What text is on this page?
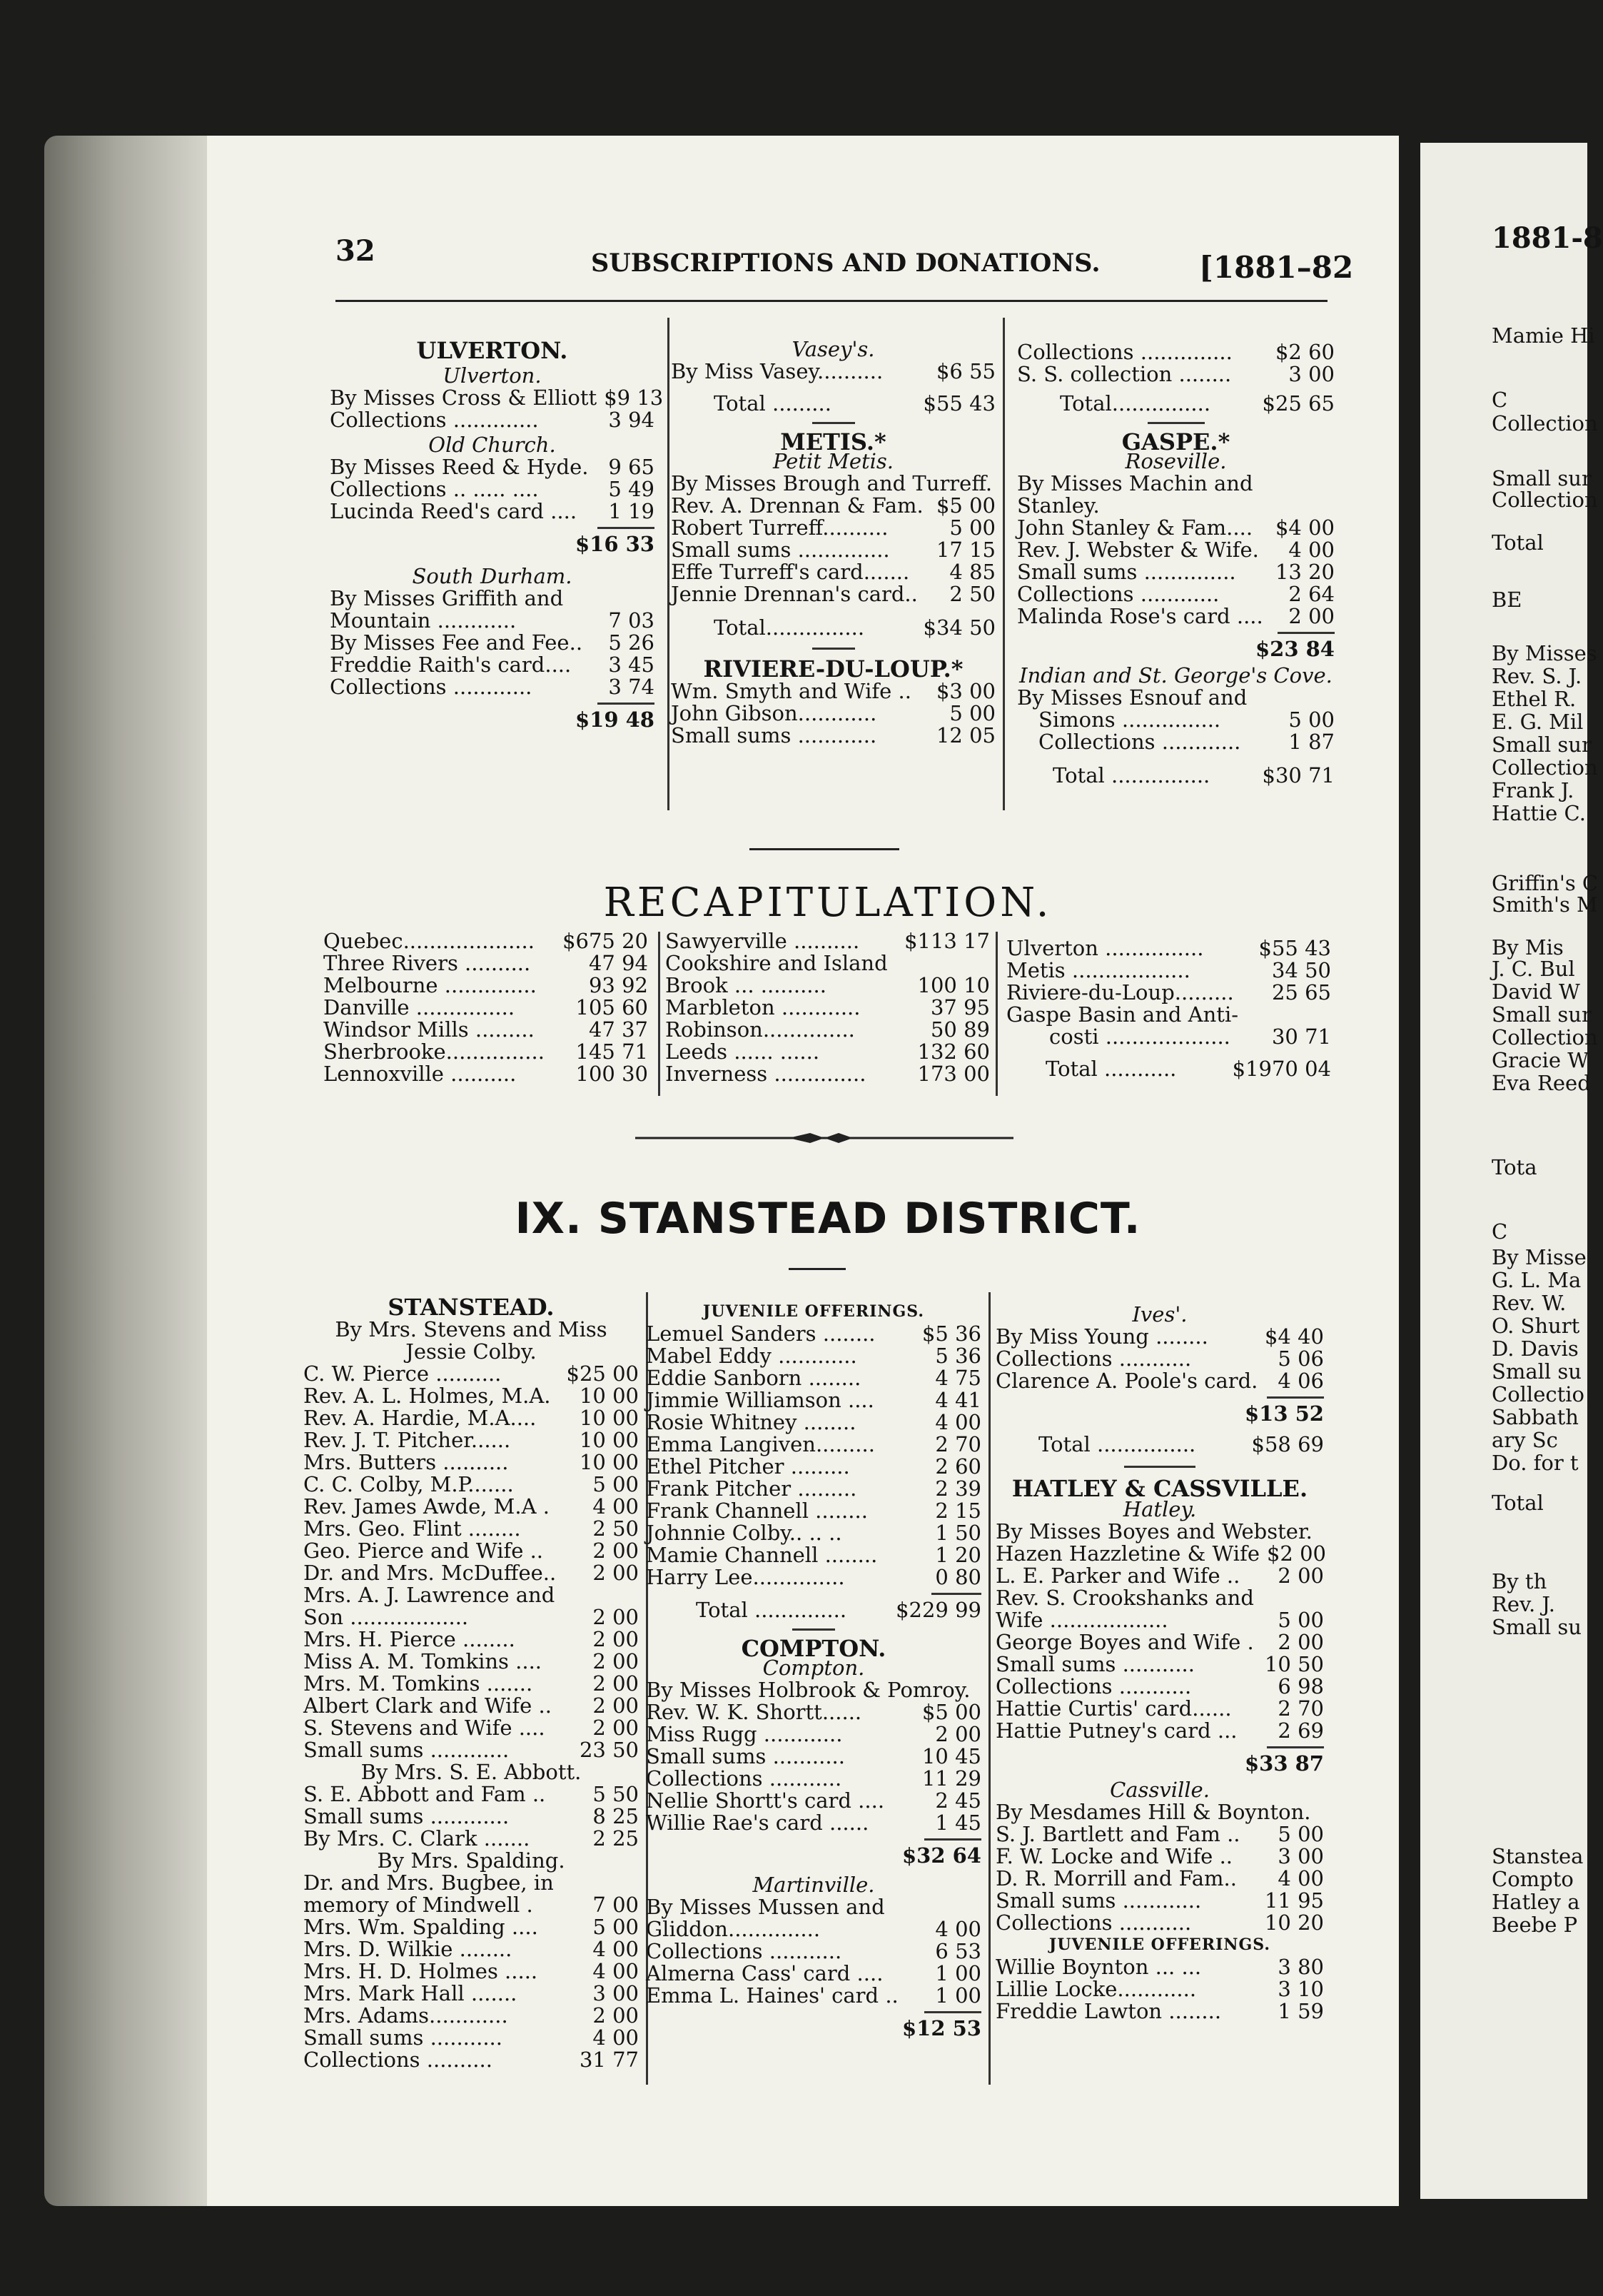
32	SUBSCRIPTIONS AND DONATIONS.	[1881–82
ULVERTON.
Ulverton.
By Misses Cross & Elliott $9 13
Collections .............	3 94
Old Church.
By Misses Reed & Hyde. 9 65
Collections .. ..... ....	5 49
Lucinda Reed's card .... 1 19
$16 33
South Durham.
By Misses Griffith and
Mountain ............	7 03
By Misses Fee and Fee.. 5 26
Freddie Raith's card.... 3 45
Collections ............	3 74
$19 48
Vasey's.
By Miss Vasey..........	$6 55
Total .........	$55 43
METIS.*
Petit Metis.
By Misses Brough and Turreff.
Rev. A. Drennan & Fam. $5 00
Robert Turreff..........	5 00
Small sums .............. 17 15
Effe Turreff's card....... 4 85
Jennie Drennan's card.. 2 50
Total...............	$34 50
RIVIERE-DU-LOUP.*
Wm. Smyth and Wife .. $3 00
John Gibson............	5 00
Small sums ............	12 05
Collections .............. $2 60
S. S. collection ........	3 00
Total............... $25 65
GASPE.*
Roseville.
By Misses Machin and Stanley.
John Stanley & Fam.... $4 00
Rev. J. Webster & Wife. 4 00
Small sums .............. 13 20
Collections ............	2 64
Malinda Rose's card .... 2 00
$23 84
Indian and St. George's Cove.
By Misses Esnouf and
Simons ...............	5 00
Collections ............ 1 87
Total ...............	$30 71
RECAPITULATION.
Quebec.................... $675 20
Three Rivers ..........	47 94
Melbourne ..............	93 92
Danville ...............	105 60
Windsor Mills .........	47 37
Sherbrooke............... 145 71
Lennoxville ..........	100 30
Sawyerville .......... $113 17
Cookshire and Island
Brook ... ..........	100 10
Marbleton ............	37 95
Robinson..............	50 89
Leeds ...... ......	132 60
Inverness .............. 173 00
Ulverton ...............	$55 43
Metis ..................	34 50
Riviere-du-Loup......... 25 65
Gaspe Basin and Anti-
costi ................... 30 71
Total ...........	$1970 04
IX. STANSTEAD DISTRICT.
STANSTEAD.
By Mrs. Stevens and Miss Jessie Colby.
C. W. Pierce ..........	$25 00
Rev. A. L. Holmes, M.A. 10 00
Rev. A. Hardie, M.A.... 10 00
Rev. J. T. Pitcher......	10 00
Mrs. Butters ..........	10 00
C. C. Colby, M.P.......	5 00
Rev. James Awde, M.A . 4 00
Mrs. Geo. Flint ........	2 50
Geo. Pierce and Wife .. 2 00
Dr. and Mrs. McDuffee.. 2 00
Mrs. A. J. Lawrence and
Son ..................	2 00
Mrs. H. Pierce ........	2 00
Miss A. M. Tomkins .... 2 00
Mrs. M. Tomkins .......	2 00
Albert Clark and Wife .. 2 00
S. Stevens and Wife .... 2 00
Small sums ............	23 50
By Mrs. S. E. Abbott.
S. E. Abbott and Fam .. 5 50
Small sums ............	8 25
By Mrs. C. Clark .......	2 25
By Mrs. Spalding.
Dr. and Mrs. Bugbee, in
memory of Mindwell .	7 00
Mrs. Wm. Spalding ....	5 00
Mrs. D. Wilkie ........	4 00
Mrs. H. D. Holmes .....	4 00
Mrs. Mark Hall .......	3 00
Mrs. Adams............	2 00
Small sums ...........	4 00
Collections ..........	31 77
JUVENILE OFFERINGS.
Lemuel Sanders ........ $5 36
Mabel Eddy ............	5 36
Eddie Sanborn ........	4 75
Jimmie Williamson ....	4 41
Rosie Whitney ........	4 00
Emma Langiven.........	2 70
Ethel Pitcher .........	2 60
Frank Pitcher .........	2 39
Frank Channell ........	2 15
Johnnie Colby.. .. ..	1 50
Mamie Channell ........	1 20
Harry Lee..............	0 80
Total .............. $229 99
COMPTON.
Compton.
By Misses Holbrook & Pomroy.
Rev. W. K. Shortt......	$5 00
Miss Rugg ............	2 00
Small sums ...........	10 45
Collections ...........	11 29
Nellie Shortt's card .... 2 45
Willie Rae's card ......	1 45
$32 64
Martinville.
By Misses Mussen and
Gliddon..............	4 00
Collections ...........	6 53
Almerna Cass' card ....	1 00
Emma L. Haines' card .. 1 00
$12 53
Ives'.
By Miss Young ........	$4 40
Collections ...........	5 06
Clarence A. Poole's card. 4 06
$13 52
Total ...............	$58 69
HATLEY & CASSVILLE.
Hatley.
By Misses Boyes and Webster.
Hazen Hazzletine & Wife $2 00
L. E. Parker and Wife .. 2 00
Rev. S. Crookshanks and
Wife ..................	5 00
George Boyes and Wife . 2 00
Small sums ...........	10 50
Collections ...........	6 98
Hattie Curtis' card...... 2 70
Hattie Putney's card ... 2 69
$33 87
Cassville.
By Mesdames Hill & Boynton.
S. J. Bartlett and Fam .. 5 00
F. W. Locke and Wife .. 3 00
D. R. Morrill and Fam.. 4 00
Small sums ............	11 95
Collections ...........	10 20
JUVENILE OFFERINGS.
Willie Boynton ... ...	3 80
Lillie Locke............	3 10
Freddie Lawton ........	1 59
1881-8
Mamie Hi
C
Collection
Small sur
Collection
Total
BE
By Misses
Rev. S. J.
Ethel R.
E. G. Mil
Small sur
Collection
Frank J.
Hattie C.
Griffin's C
Smith's M
By Mis
J. C. Bul
David W
Small sur
Collection
Gracie W
Eva Reed
Tota
C
By Misse
G. L. Ma
Rev. W.
O. Shurt
D. Davis
Small su
Collectio
Sabbath
ary Sc
Do. for t
Total
By th
Rev. J.
Small su
Stanstea
Compto
Hatley a
Beebe P
